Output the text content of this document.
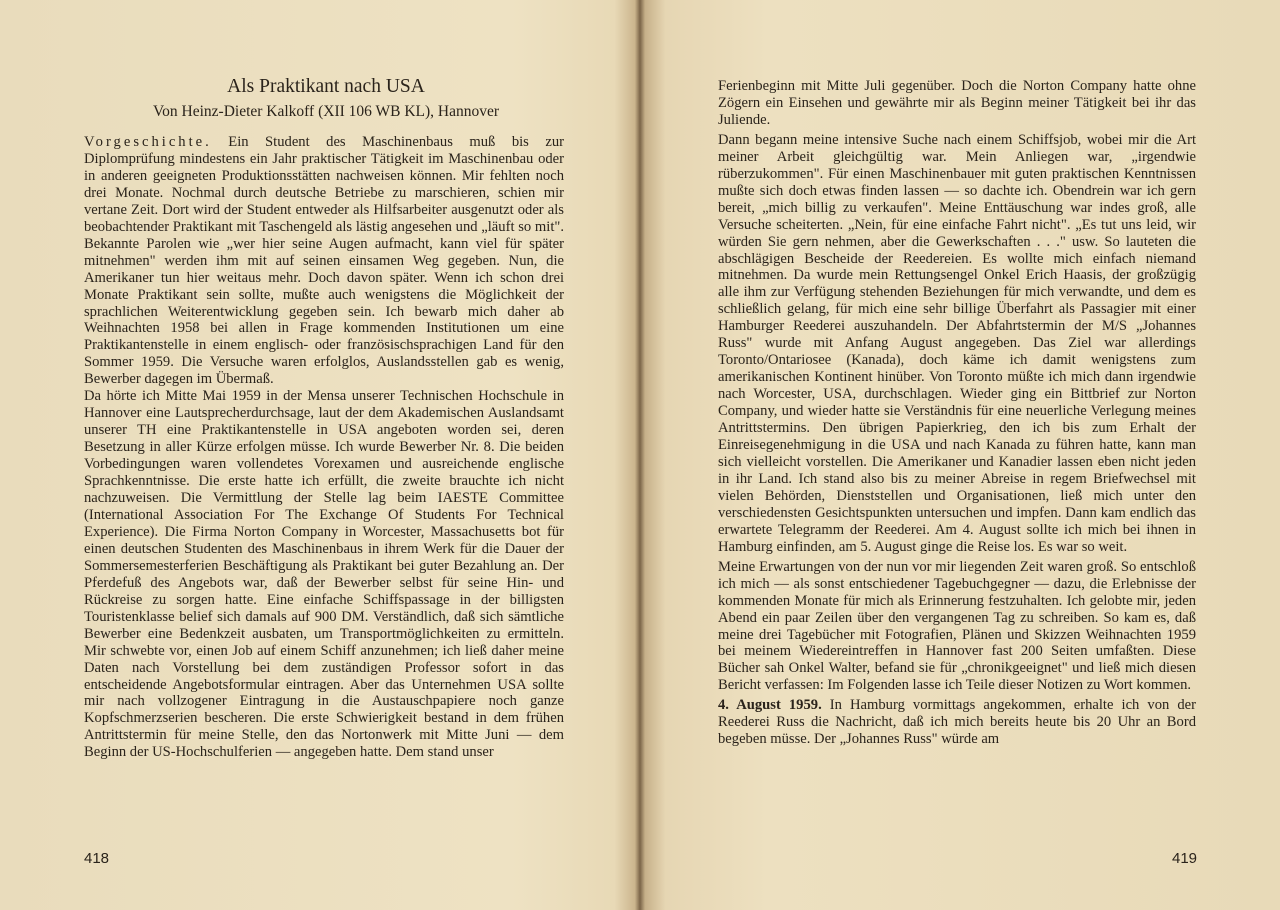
Als Praktikant nach USA
Von Heinz-Dieter Kalkoff (XII 106 WB KL), Hannover

Vorgeschichte. Ein Student des Maschinenbaus muß bis zur Diplomprüfung mindestens ein Jahr praktischer Tätigkeit im Maschinenbau oder in anderen geeigneten Produktionsstätten nachweisen können. Mir fehlten noch drei Monate. Nochmal durch deutsche Betriebe zu marschieren, schien mir vertane Zeit. Dort wird der Student entweder als Hilfsarbeiter ausgenutzt oder als beobachtender Praktikant mit Taschengeld als lästig angesehen und „läuft so mit". Bekannte Parolen wie „wer hier seine Augen aufmacht, kann viel für später mitnehmen" werden ihm mit auf seinen einsamen Weg gegeben. Nun, die Amerikaner tun hier weitaus mehr. Doch davon später. Wenn ich schon drei Monate Praktikant sein sollte, mußte auch wenigstens die Möglichkeit der sprachlichen Weiterentwicklung gegeben sein. Ich bewarb mich daher ab Weihnachten 1958 bei allen in Frage kommenden Institutionen um eine Praktikantenstelle in einem englisch- oder französischsprachigen Land für den Sommer 1959. Die Versuche waren erfolglos, Auslandsstellen gab es wenig, Bewerber dagegen im Übermaß.

Da hörte ich Mitte Mai 1959 in der Mensa unserer Technischen Hochschule in Hannover eine Lautsprecherdurchsage, laut der dem Akademischen Auslandsamt unserer TH eine Praktikantenstelle in USA angeboten worden sei, deren Besetzung in aller Kürze erfolgen müsse. Ich wurde Bewerber Nr. 8. Die beiden Vorbedingungen waren vollendetes Vorexamen und ausreichende englische Sprachkenntnisse. Die erste hatte ich erfüllt, die zweite brauchte ich nicht nachzuweisen. Die Vermittlung der Stelle lag beim IAESTE Committee (International Association For The Exchange Of Students For Technical Experience). Die Firma Norton Company in Worcester, Massachusetts bot für einen deutschen Studenten des Maschinenbaus in ihrem Werk für die Dauer der Sommersemesterferien Beschäftigung als Praktikant bei guter Bezahlung an. Der Pferdefuß des Angebots war, daß der Bewerber selbst für seine Hin- und Rückreise zu sorgen hatte. Eine einfache Schiffspassage in der billigsten Touristenklasse belief sich damals auf 900 DM. Verständlich, daß sich sämtliche Bewerber eine Bedenkzeit ausbaten, um Transportmöglichkeiten zu ermitteln. Mir schwebte vor, einen Job auf einem Schiff anzunehmen; ich ließ daher meine Daten nach Vorstellung bei dem zuständigen Professor sofort in das entscheidende Angebotsformular eintragen. Aber das Unternehmen USA sollte mir nach vollzogener Eintragung in die Austauschpapiere noch ganze Kopfschmerzserien bescheren. Die erste Schwierigkeit bestand in dem frühen Antrittstermin für meine Stelle, den das Nortonwerk mit Mitte Juni — dem Beginn der US-Hochschulferien — angegeben hatte. Dem stand unser

418

Ferienbeginn mit Mitte Juli gegenüber. Doch die Norton Company hatte ohne Zögern ein Einsehen und gewährte mir als Beginn meiner Tätigkeit bei ihr das Juliende.

Dann begann meine intensive Suche nach einem Schiffsjob, wobei mir die Art meiner Arbeit gleichgültig war. Mein Anliegen war, „irgendwie rüberzukommen". Für einen Maschinenbauer mit guten praktischen Kenntnissen mußte sich doch etwas finden lassen — so dachte ich. Obendrein war ich gern bereit, „mich billig zu verkaufen". Meine Enttäuschung war indes groß, alle Versuche scheiterten. „Nein, für eine einfache Fahrt nicht". „Es tut uns leid, wir würden Sie gern nehmen, aber die Gewerkschaften . . ." usw. So lauteten die abschlägigen Bescheide der Reedereien. Es wollte mich einfach niemand mitnehmen. Da wurde mein Rettungsengel Onkel Erich Haasis, der großzügig alle ihm zur Verfügung stehenden Beziehungen für mich verwandte, und dem es schließlich gelang, für mich eine sehr billige Überfahrt als Passagier mit einer Hamburger Reederei auszuhandeln. Der Abfahrtstermin der M/S „Johannes Russ" wurde mit Anfang August angegeben. Das Ziel war allerdings Toronto/Ontariosee (Kanada), doch käme ich damit wenigstens zum amerikanischen Kontinent hinüber. Von Toronto müßte ich mich dann irgendwie nach Worcester, USA, durchschlagen. Wieder ging ein Bittbrief zur Norton Company, und wieder hatte sie Verständnis für eine neuerliche Verlegung meines Antrittstermins. Den übrigen Papierkrieg, den ich bis zum Erhalt der Einreisegenehmigung in die USA und nach Kanada zu führen hatte, kann man sich vielleicht vorstellen. Die Amerikaner und Kanadier lassen eben nicht jeden in ihr Land. Ich stand also bis zu meiner Abreise in regem Briefwechsel mit vielen Behörden, Dienststellen und Organisationen, ließ mich unter den verschiedensten Gesichtspunkten untersuchen und impfen. Dann kam endlich das erwartete Telegramm der Reederei. Am 4. August sollte ich mich bei ihnen in Hamburg einfinden, am 5. August ginge die Reise los. Es war so weit.

Meine Erwartungen von der nun vor mir liegenden Zeit waren groß. So entschloß ich mich — als sonst entschiedener Tagebuchgegner — dazu, die Erlebnisse der kommenden Monate für mich als Erinnerung festzuhalten. Ich gelobte mir, jeden Abend ein paar Zeilen über den vergangenen Tag zu schreiben. So kam es, daß meine drei Tagebücher mit Fotografien, Plänen und Skizzen Weihnachten 1959 bei meinem Wiedereintreffen in Hannover fast 200 Seiten umfaßten. Diese Bücher sah Onkel Walter, befand sie für „chronikgeeignet" und ließ mich diesen Bericht verfassen: Im Folgenden lasse ich Teile dieser Notizen zu Wort kommen.

4. August 1959. In Hamburg vormittags angekommen, erhalte ich von der Reederei Russ die Nachricht, daß ich mich bereits heute bis 20 Uhr an Bord begeben müsse. Der „Johannes Russ" würde am

419
